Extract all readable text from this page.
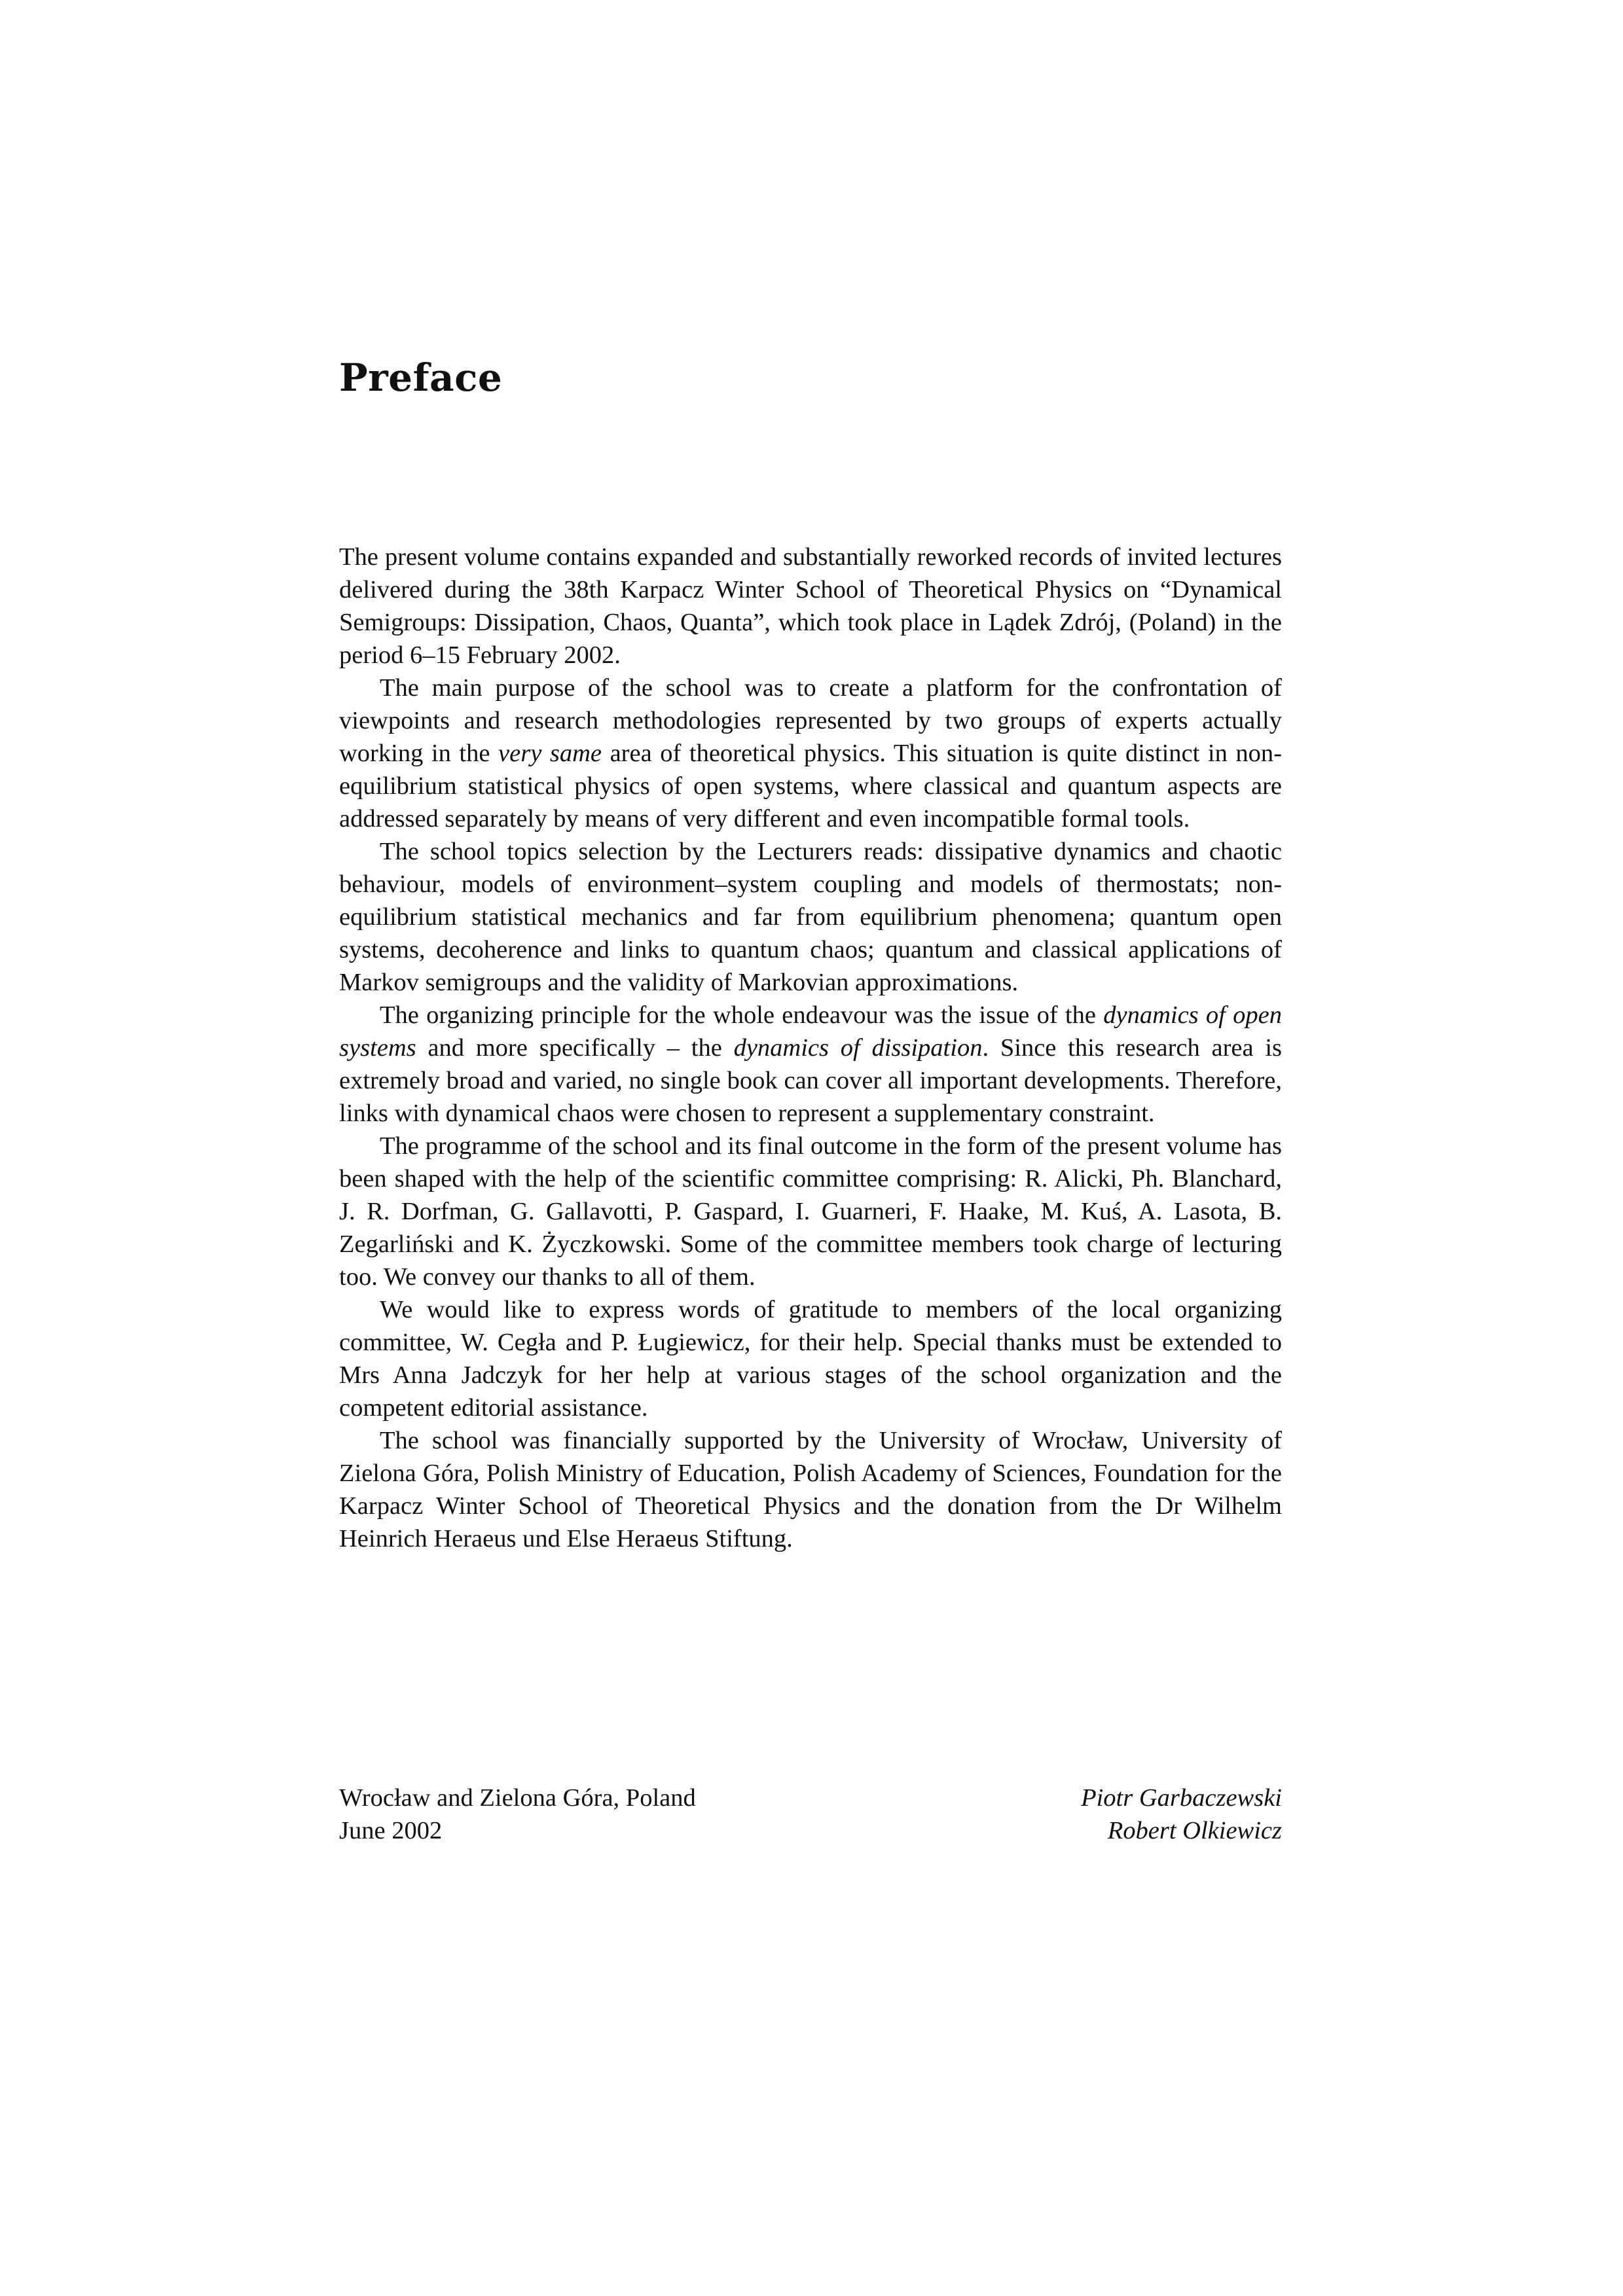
Preface

The present volume contains expanded and substantially reworked records of invited lectures delivered during the 38th Karpacz Winter School of Theoretical Physics on “Dynamical Semigroups: Dissipation, Chaos, Quanta”, which took place in Lądek Zdrój, (Poland) in the period 6–15 February 2002.

The main purpose of the school was to create a platform for the confrontation of viewpoints and research methodologies represented by two groups of experts actually working in the very same area of theoretical physics. This situation is quite distinct in non-equilibrium statistical physics of open systems, where classical and quantum aspects are addressed separately by means of very different and even incompatible formal tools.

The school topics selection by the Lecturers reads: dissipative dynamics and chaotic behaviour, models of environment–system coupling and models of thermostats; non-equilibrium statistical mechanics and far from equilibrium phenomena; quantum open systems, decoherence and links to quantum chaos; quantum and classical applications of Markov semigroups and the validity of Markovian approximations.

The organizing principle for the whole endeavour was the issue of the dynamics of open systems and more specifically – the dynamics of dissipation. Since this research area is extremely broad and varied, no single book can cover all important developments. Therefore, links with dynamical chaos were chosen to represent a supplementary constraint.

The programme of the school and its final outcome in the form of the present volume has been shaped with the help of the scientific committee comprising: R. Alicki, Ph. Blanchard, J. R. Dorfman, G. Gallavotti, P. Gaspard, I. Guarneri, F. Haake, M. Kuś, A. Lasota, B. Zegarliński and K. Życzkowski. Some of the committee members took charge of lecturing too. We convey our thanks to all of them.

We would like to express words of gratitude to members of the local organizing committee, W. Cegła and P. Ługiewicz, for their help. Special thanks must be extended to Mrs Anna Jadczyk for her help at various stages of the school organization and the competent editorial assistance.

The school was financially supported by the University of Wrocław, University of Zielona Góra, Polish Ministry of Education, Polish Academy of Sciences, Foundation for the Karpacz Winter School of Theoretical Physics and the donation from the Dr Wilhelm Heinrich Heraeus und Else Heraeus Stiftung.

Wrocław and Zielona Góra, Poland
June 2002
Piotr Garbaczewski
Robert Olkiewicz
